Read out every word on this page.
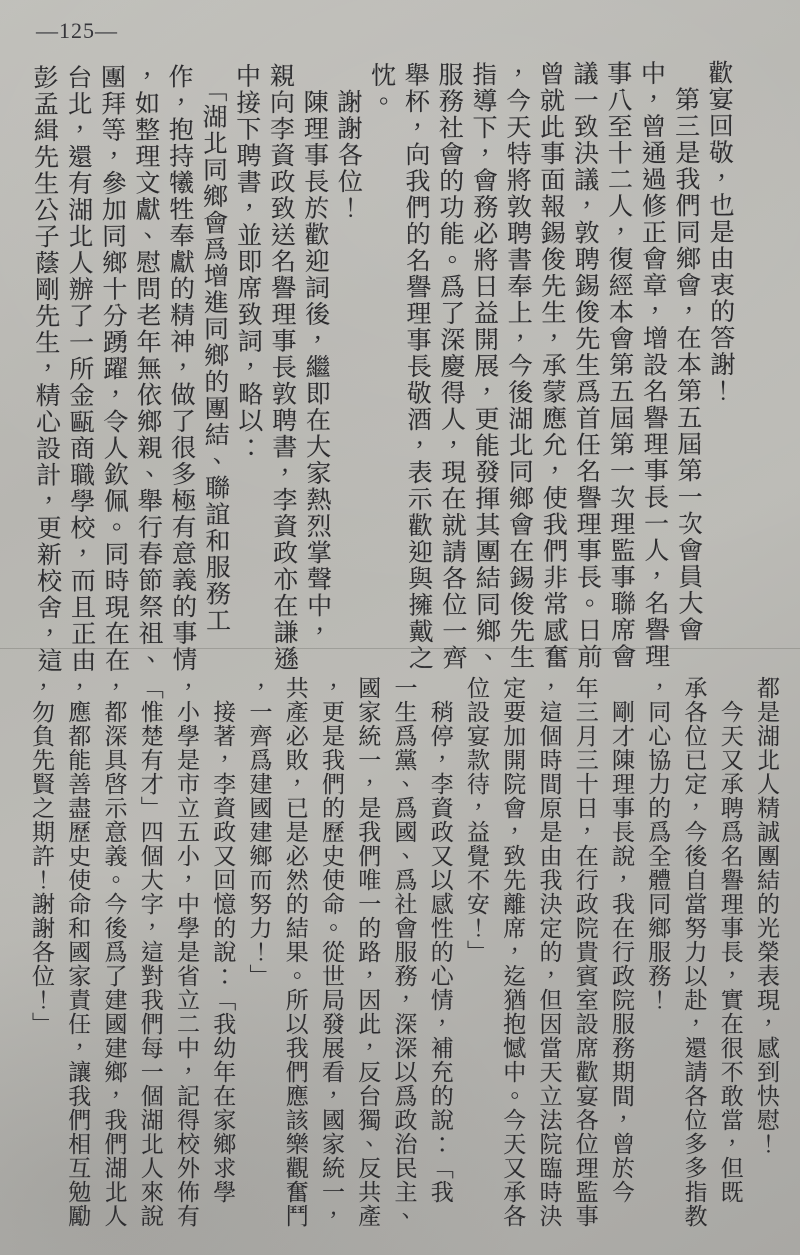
—125—
歡宴回敬，也是由衷的答謝！
　第三是我們同鄉會，在本第五屆第一次會員大會
中，曾通過修正會章，增設名譽理事長一人，名譽理
事八至十二人，復經本會第五屆第一次理監事聯席會
議一致決議，敦聘錫俊先生爲首任名譽理事長。日前
曾就此事面報錫俊先生，承蒙應允，使我們非常感奮
，今天特將敦聘書奉上，今後湖北同鄉會在錫俊先生
指導下，會務必將日益開展，更能發揮其團結同鄉、
服務社會的功能。爲了深慶得人，現在就請各位一齊
舉杯，向我們的名譽理事長敬酒，表示歡迎與擁戴之
忱。
　謝謝各位！
　陳理事長於歡迎詞後，繼即在大家熱烈掌聲中，
親向李資政致送名譽理事長敦聘書，李資政亦在謙遜
中接下聘書，並即席致詞，略以：
　「湖北同鄉會爲增進同鄉的團結、聯誼和服務工
作，抱持犧牲奉獻的精神，做了很多極有意義的事情
，如整理文獻、慰問老年無依鄉親、舉行春節祭祖、
團拜等，參加同鄉十分踴躍，令人欽佩。同時現在在
台北，還有湖北人辦了一所金甌商職學校，而且正由
彭孟緝先生公子蔭剛先生，精心設計，更新校舍，這
都是湖北人精誠團結的光榮表現，感到快慰！
　今天又承聘爲名譽理事長，實在很不敢當，但既
承各位已定，今後自當努力以赴，還請各位多多指教
，同心協力的爲全體同鄉服務！
　剛才陳理事長說，我在行政院服務期間，曾於今
年三月三十日，在行政院貴賓室設席歡宴各位理監事
，這個時間原是由我決定的，但因當天立法院臨時決
定要加開院會，致先離席，迄猶抱憾中。今天又承各
位設宴款待，益覺不安！」
　稍停，李資政又以感性的心情，補充的說：「我
一生爲黨、爲國、爲社會服務，深深以爲政治民主、
國家統一，是我們唯一的路，因此，反台獨、反共產
，更是我們的歷史使命。從世局發展看，國家統一，
共產必敗，已是必然的結果。所以我們應該樂觀奮鬥
，一齊爲建國建鄉而努力！」
　接著，李資政又回憶的說：「我幼年在家鄉求學
，小學是市立五小，中學是省立二中，記得校外佈有
「惟楚有才」四個大字，這對我們每一個湖北人來說
，都深具啓示意義。今後爲了建國建鄉，我們湖北人
，應都能善盡歷史使命和國家責任，讓我們相互勉勵
，勿負先賢之期許！謝謝各位！」
